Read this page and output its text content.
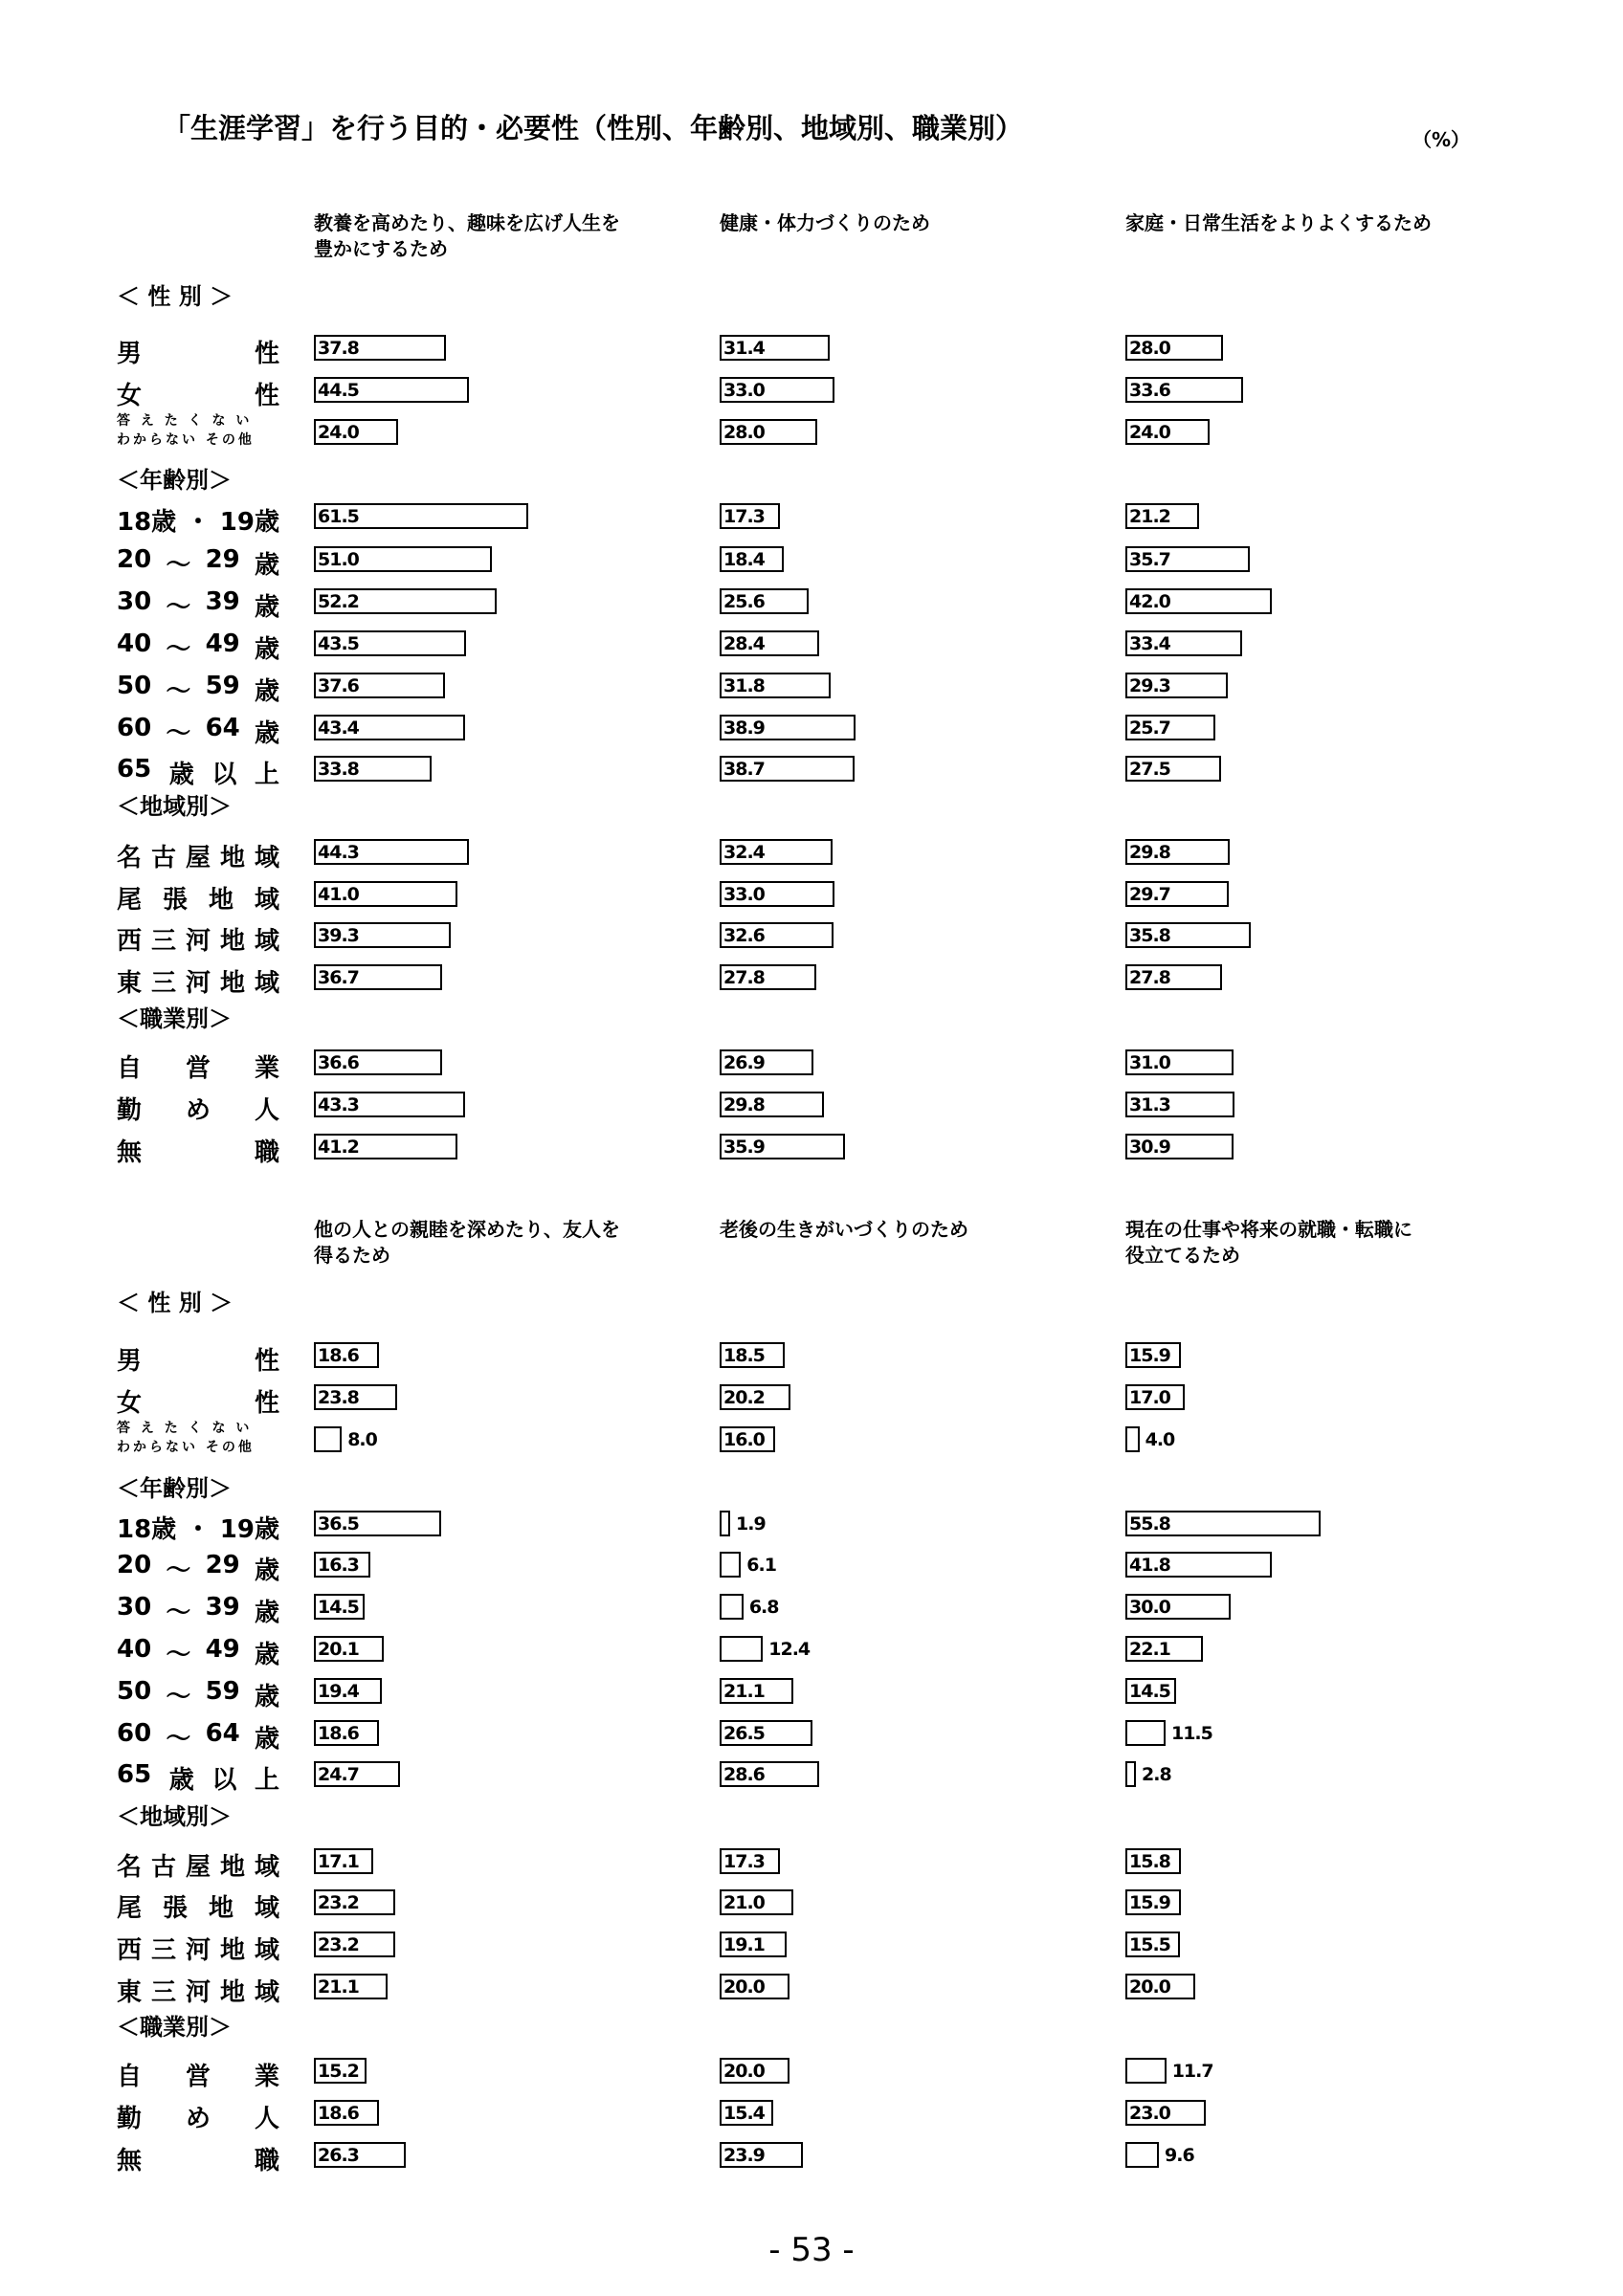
「生涯学習」を行う目的・必要性（性別、年齢別、地域別、職業別）	（%）
教養を高めたり、趣味を広げ人生を
豊かにするため
健康・体力づくりのため	家庭・日常生活をよりよくするため
＜ 性 別 ＞
男	性 37.8	31.4	28.0
女	性 44.5	33.0	33.6
答 え た く な い
わからない その他	24.0	28.0	24.0
＜年齢別＞
18歳 ・ 19歳 61.5	17.3	21.2
20 ～ 29 歳 51.0	18.4	35.7
30 ～ 39 歳 52.2	25.6	42.0
40 ～ 49 歳 43.5	28.4	33.4
50 ～ 59 歳 37.6	31.8	29.3
60 ～ 64 歳 43.4	38.9	25.7
65 歳 以 上 33.8	38.7	27.5
＜地域別＞
名 古 屋 地 域 44.3	32.4	29.8
尾 張 地 域 41.0	33.0	29.7
西 三 河 地 域 39.3	32.6	35.8
東 三 河 地 域 36.7	27.8	27.8
＜職業別＞
自 営 業 36.6	26.9	31.0
勤 め 人 43.3	29.8	31.3
無	職 41.2	35.9	30.9
他の人との親睦を深めたり、友人を
得るため
老後の生きがいづくりのため	現在の仕事や将来の就職・転職に
役立てるため
＜ 性 別 ＞
男	性 18.6	18.5	15.9
女	性 23.8	20.2	17.0
答 え た く な い
わからない その他	8.0	16.0	4.0
＜年齢別＞
18歳 ・ 19歳 36.5	1.9	55.8
20 ～ 29 歳 16.3	6.1	41.8
30 ～ 39 歳 14.5	6.8	30.0
40 ～ 49 歳 20.1	12.4	22.1
50 ～ 59 歳 19.4	21.1	14.5
60 ～ 64 歳 18.6	26.5	11.5
65 歳 以 上 24.7	28.6	2.8
＜地域別＞
名 古 屋 地 域 17.1	17.3	15.8
尾 張 地 域 23.2	21.0	15.9
西 三 河 地 域 23.2	19.1	15.5
東 三 河 地 域 21.1	20.0	20.0
＜職業別＞
自 営 業 15.2	20.0	11.7
勤 め 人 18.6	15.4	23.0
無	職 26.3	23.9	9.6
- 53 -
